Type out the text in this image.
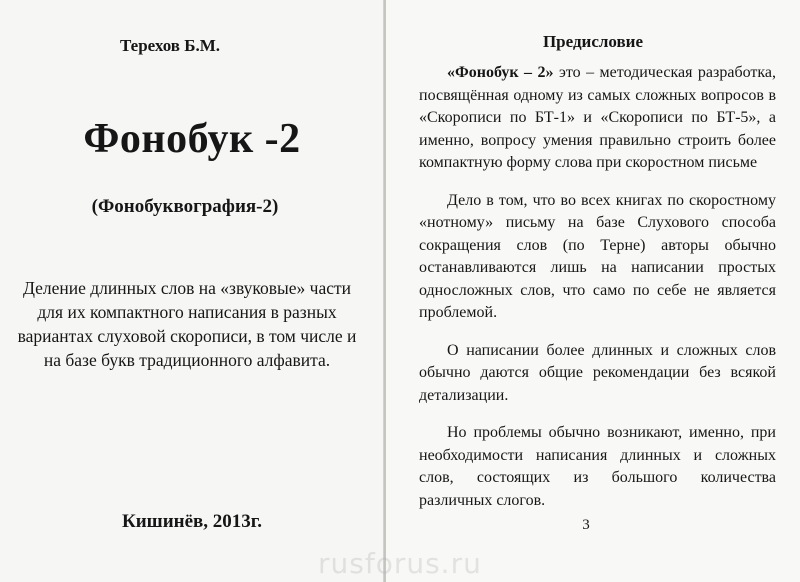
Терехов Б.М.
Фонобук -2
(Фонобуквография-2)
Деление длинных слов на «звуковые» части для их компактного написания в разных вариантах слуховой скорописи, в том числе и на базе букв традиционного алфавита.
Кишинёв, 2013г.
Предисловие

«Фонобук – 2» это – методическая разработка, посвящённая одному из самых сложных вопросов в «Скорописи по БТ-1» и «Скорописи по БТ-5», а именно, вопросу умения правильно строить более компактную форму слова при скоростном письме

Дело в том, что во всех книгах по скоростному «нотному» письму на базе Слухового способа сокращения слов (по Терне) авторы обычно останавливаются лишь на написании простых односложных слов, что само по себе не является проблемой.

О написании более длинных и сложных слов обычно даются общие рекомендации без всякой детализации.

Но проблемы обычно возникают, именно, при необходимости написания длинных и сложных слов, состоящих из большого количества различных слогов.

3
rusforus.ru
